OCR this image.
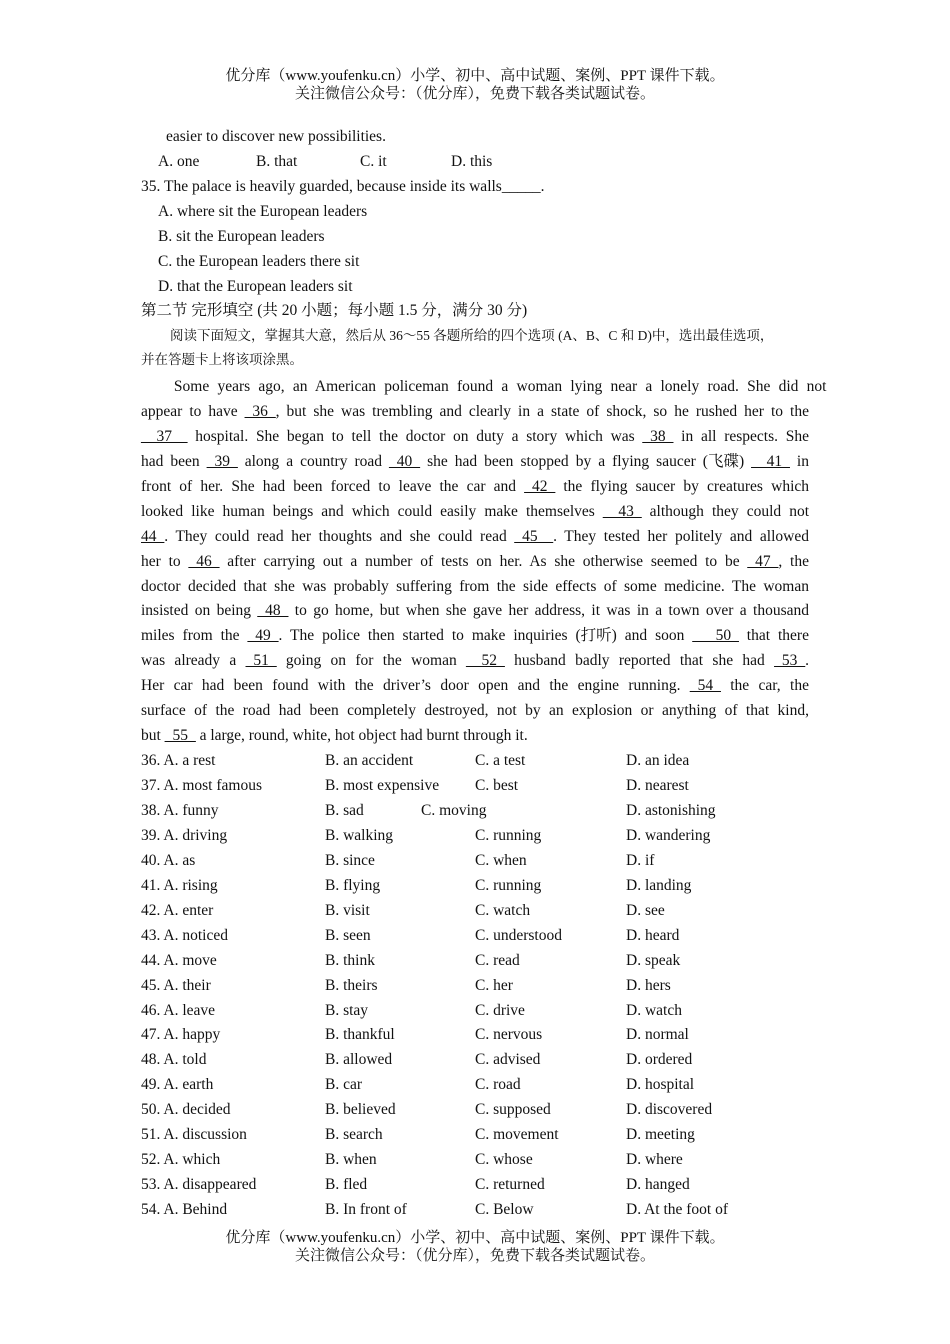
优分库（www.youfenku.cn）小学、初中、高中试题、案例、PPT 课件下载。
关注微信公众号：（优分库），免费下载各类试题试卷。
easier to discover new possibilities.
A. one	B. that	C. it	D. this
35. The palace is heavily guarded, because inside its walls_____.
A. where sit the European leaders
B. sit the European leaders
C. the European leaders there sit
D. that the European leaders sit
第二节 完形填空 (共 20 小题；每小题 1.5 分，满分 30 分)
阅读下面短文，掌握其大意，然后从 36～55 各题所给的四个选项 (A、B、C 和 D)中，选出最佳选项，
并在答题卡上将该项涂黑。
Some years ago, an American policeman found a woman lying near a lonely road. She did not
appear to have _36_, but she was trembling and clearly in a state of shock, so he rushed her to the
__37__ hospital. She began to tell the doctor on duty a story which was _38_ in all respects. She
had been _39_ along a country road _40_ she had been stopped by a flying saucer (飞碟) __41_ in
front of her. She had been forced to leave the car and _42_ the flying saucer by creatures which
looked like human beings and which could easily make themselves __43_ although they could not
44_. They could read her thoughts and she could read _45__. They tested her politely and allowed
her to _46_ after carrying out a number of tests on her. As she otherwise seemed to be _47_, the
doctor decided that she was probably suffering from the side effects of some medicine. The woman
insisted on being _48_ to go home, but when she gave her address, it was in a town over a thousand
miles from the _49_. The police then started to make inquiries (打听) and soon ___50_ that there
was already a _51_ going on for the woman __52_ husband badly reported that she had _53_.
Her car had been found with the driver’s door open and the engine running. _54_ the car, the
surface of the road had been completely destroyed, not by an explosion or anything of that kind,
but _55_ a large, round, white, hot object had burnt through it.
36. A. a rest	B. an accident	C. a test	D. an idea
37. A. most famous	B. most expensive C. best	D. nearest
38. A. funny	B. sad	C. moving	D. astonishing
39. A. driving	B. walking	C. running	D. wandering
40. A. as	B. since	C. when	D. if
41. A. rising	B. flying	C. running	D. landing
42. A. enter	B. visit	C. watch	D. see
43. A. noticed	B. seen	C. understood	D. heard
44. A. move	B. think	C. read	D. speak
45. A. their	B. theirs	C. her	D. hers
46. A. leave	B. stay	C. drive	D. watch
47. A. happy	B. thankful	C. nervous	D. normal
48. A. told	B. allowed	C. advised	D. ordered
49. A. earth	B. car	C. road	D. hospital
50. A. decided	B. believed	C. supposed	D. discovered
51. A. discussion	B. search	C. movement	D. meeting
52. A. which	B. when	C. whose	D. where
53. A. disappeared	B. fled	C. returned	D. hanged
54. A. Behind	B. In front of	C. Below	D. At the foot of
优分库（www.youfenku.cn）小学、初中、高中试题、案例、PPT 课件下载。
关注微信公众号：（优分库），免费下载各类试题试卷。
